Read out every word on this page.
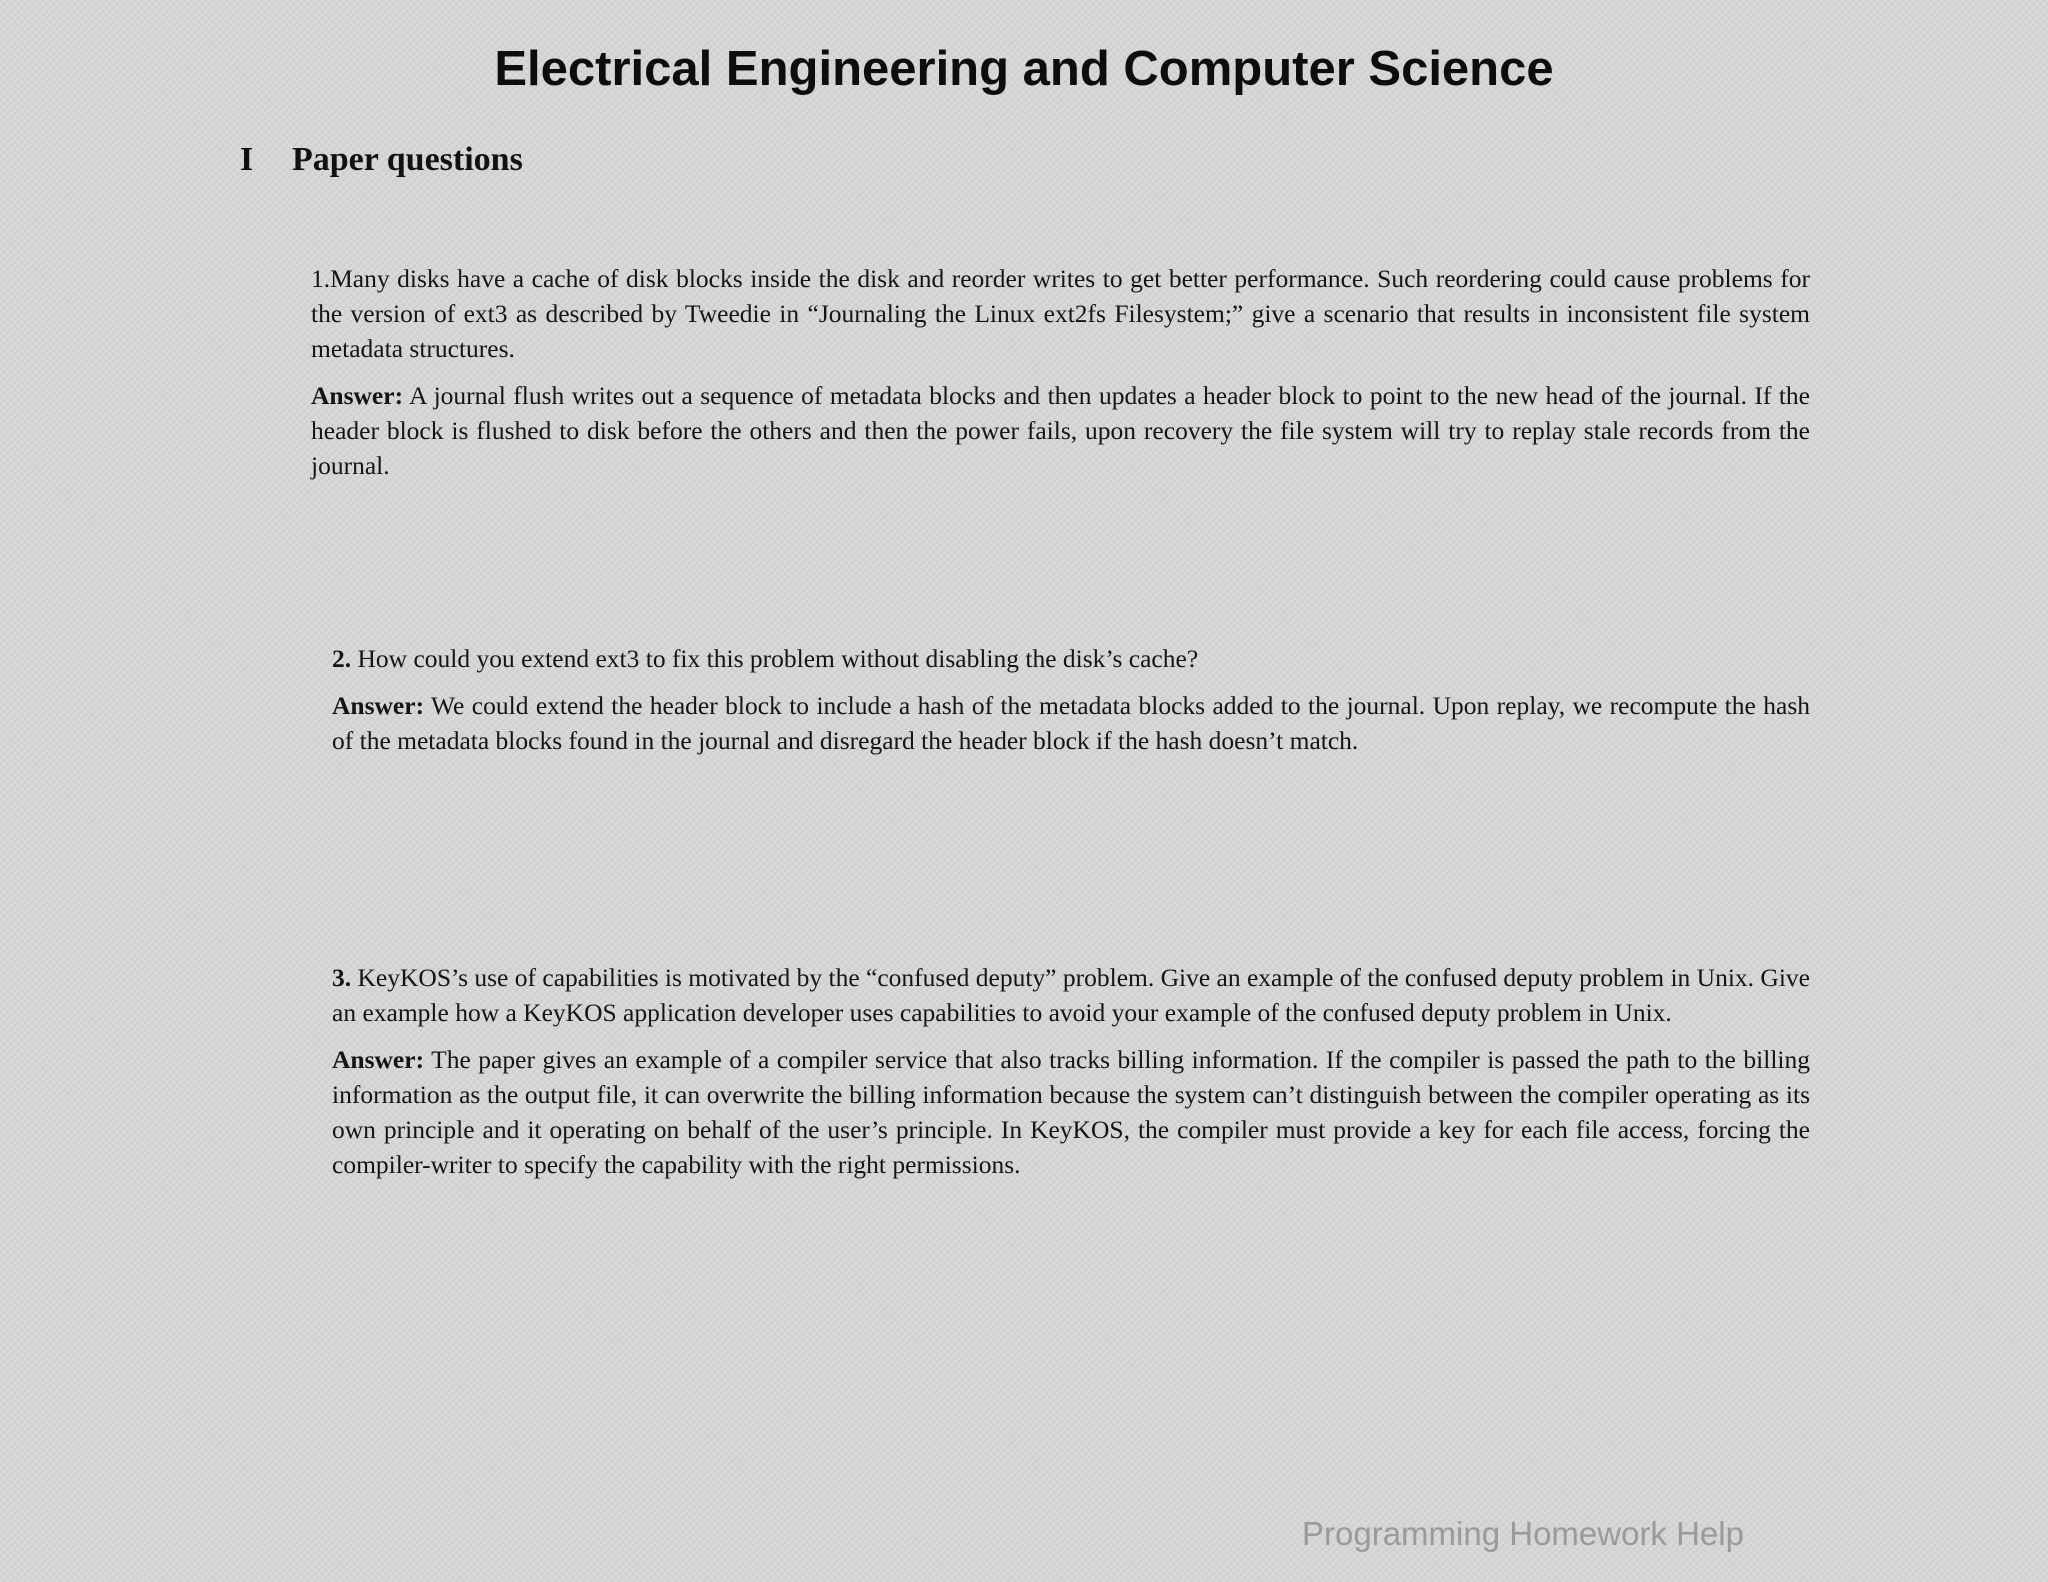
Electrical Engineering and Computer Science
I Paper questions

1.Many disks have a cache of disk blocks inside the disk and reorder writes to get better performance. Such reordering could cause problems for the version of ext3 as described by Tweedie in “Journaling the Linux ext2fs Filesystem;” give a scenario that results in inconsistent file system metadata structures.

Answer: A journal flush writes out a sequence of metadata blocks and then updates a header block to point to the new head of the journal. If the header block is flushed to disk before the others and then the power fails, upon recovery the file system will try to replay stale records from the journal.

2. How could you extend ext3 to fix this problem without disabling the disk’s cache?

Answer: We could extend the header block to include a hash of the metadata blocks added to the journal. Upon replay, we recompute the hash of the metadata blocks found in the journal and disregard the header block if the hash doesn’t match.

3. KeyKOS’s use of capabilities is motivated by the “confused deputy” problem. Give an example of the confused deputy problem in Unix. Give an example how a KeyKOS application developer uses capabilities to avoid your example of the confused deputy problem in Unix.

Answer: The paper gives an example of a compiler service that also tracks billing information. If the compiler is passed the path to the billing information as the output file, it can overwrite the billing information because the system can’t distinguish between the compiler operating as its own principle and it operating on behalf of the user’s principle. In KeyKOS, the compiler must provide a key for each file access, forcing the compiler-writer to specify the capability with the right permissions.

Programming Homework Help
